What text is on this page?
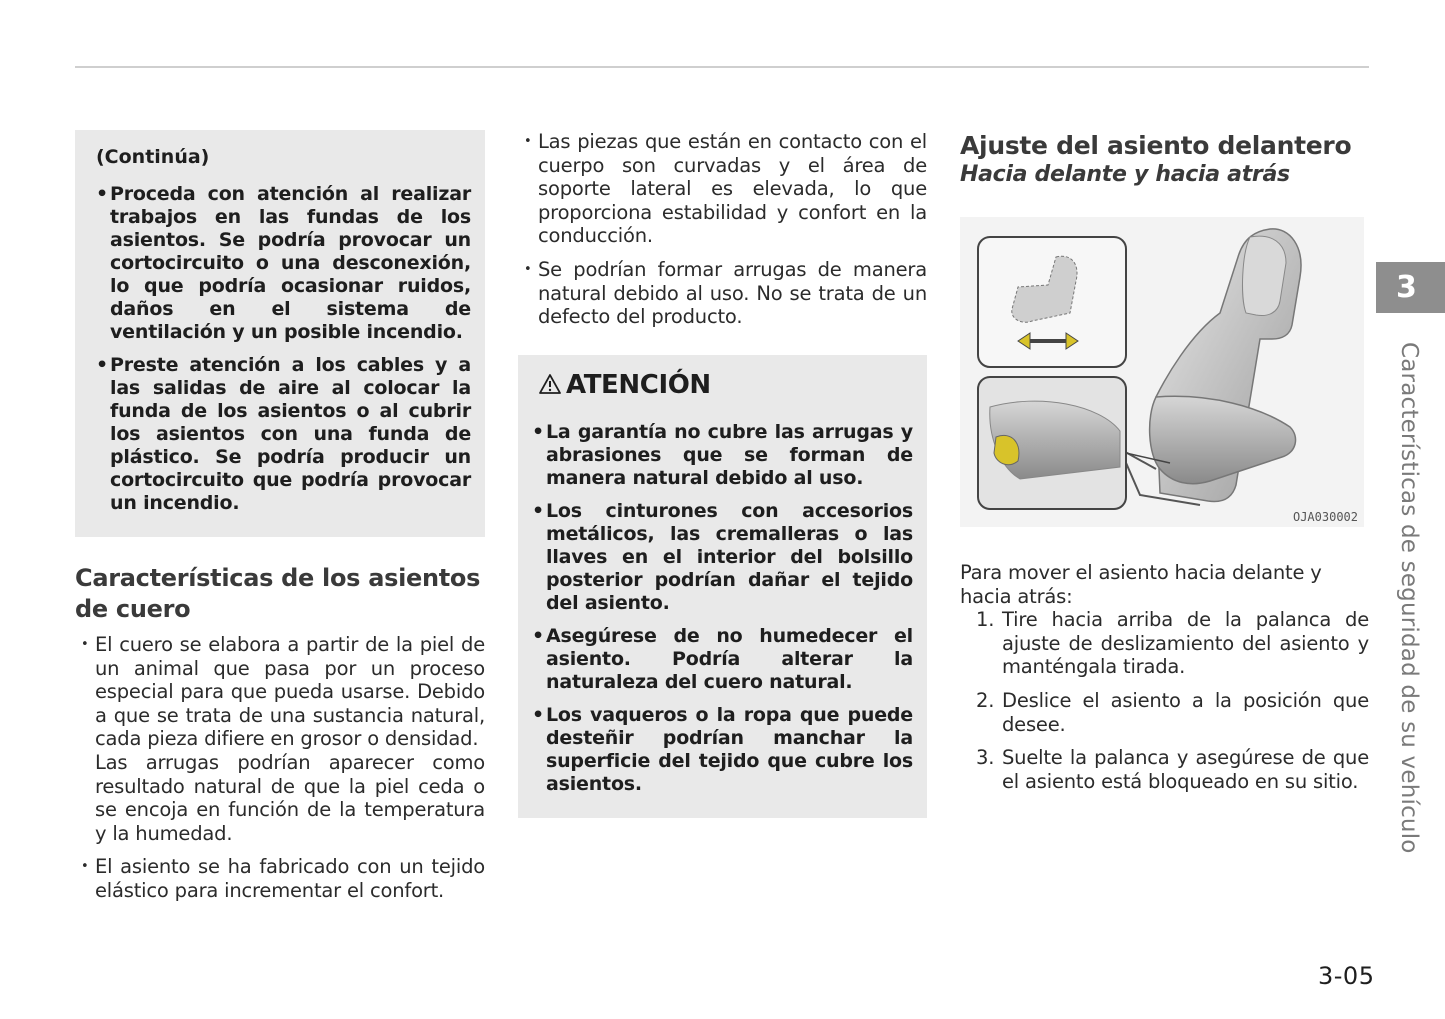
(Continúa)
• Proceda con atención al realizar trabajos en las fundas de los asientos. Se podría provocar un cortocircuito o una desconexión, lo que podría ocasionar ruidos, daños en el sistema de ventilación y un posible incendio.
• Preste atención a los cables y a las salidas de aire al colocar la funda de los asientos o al cubrir los asientos con una funda de plástico. Se podría producir un cortocircuito que podría provocar un incendio.
Características de los asientos de cuero
• El cuero se elabora a partir de la piel de un animal que pasa por un proceso especial para que pueda usarse. Debido a que se trata de una sustancia natural, cada pieza difiere en grosor o densidad.
Las arrugas podrían aparecer como resultado natural de que la piel ceda o se encoja en función de la temperatura y la humedad.
• El asiento se ha fabricado con un tejido elástico para incrementar el confort.
• Las piezas que están en contacto con el cuerpo son curvadas y el área de soporte lateral es elevada, lo que proporciona estabilidad y confort en la conducción.
• Se podrían formar arrugas de manera natural debido al uso. No se trata de un defecto del producto.
ATENCIÓN
• La garantía no cubre las arrugas y abrasiones que se forman de manera natural debido al uso.
• Los cinturones con accesorios metálicos, las cremalleras o las llaves en el interior del bolsillo posterior podrían dañar el tejido del asiento.
• Asegúrese de no humedecer el asiento. Podría alterar la naturaleza del cuero natural.
• Los vaqueros o la ropa que puede desteñir podrían manchar la superficie del tejido que cubre los asientos.
Ajuste del asiento delantero
Hacia delante y hacia atrás
OJA030002
Para mover el asiento hacia delante y hacia atrás:
1. Tire hacia arriba de la palanca de ajuste de deslizamiento del asiento y manténgala tirada.
2. Deslice el asiento a la posición que desee.
3. Suelte la palanca y asegúrese de que el asiento está bloqueado en su sitio.
3
Características de seguridad de su vehículo
3-05
